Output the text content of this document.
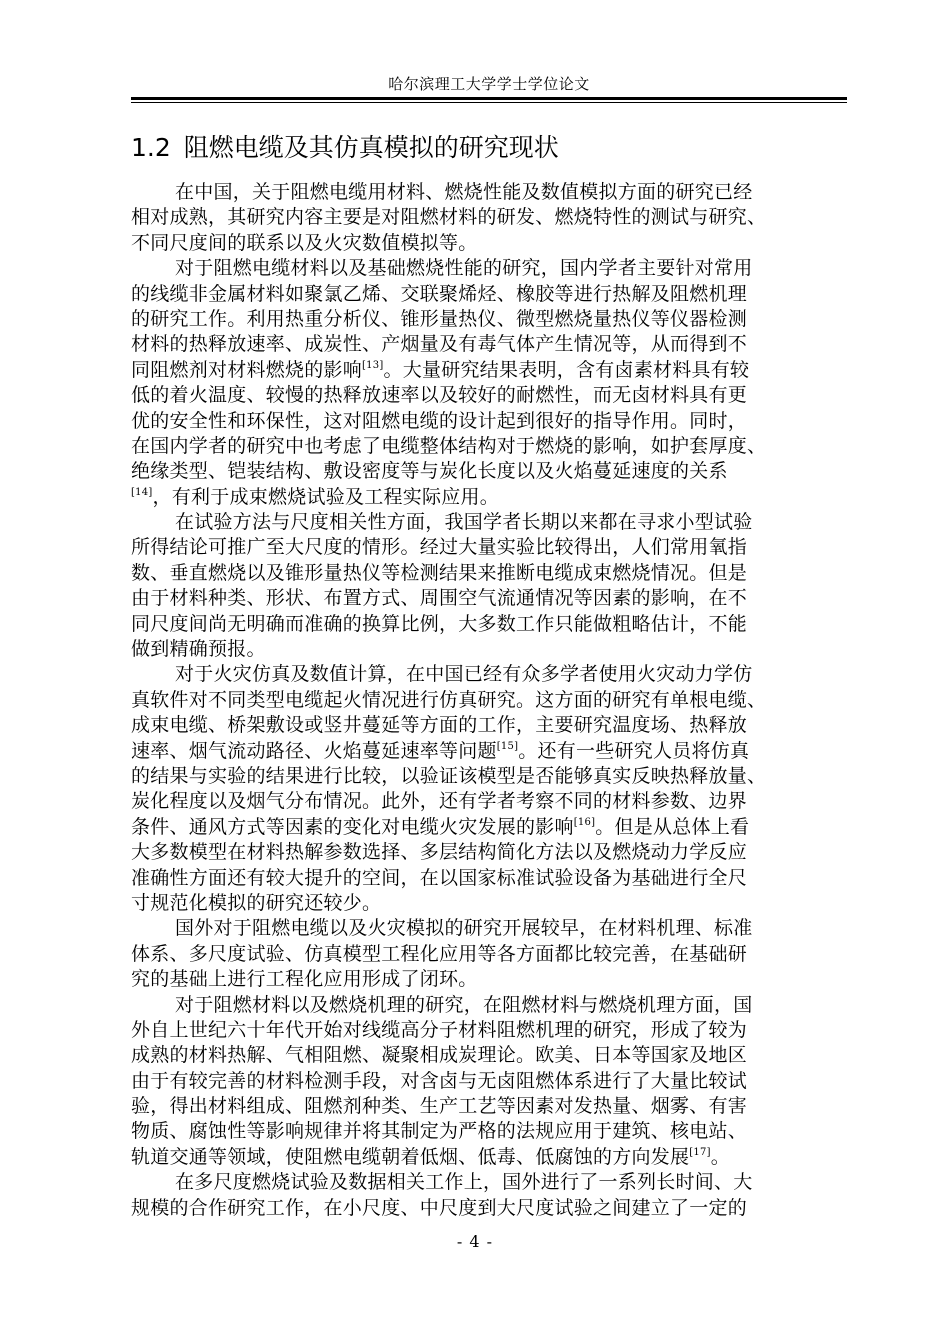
哈尔滨理工大学学士学位论文
1.2 阻燃电缆及其仿真模拟的研究现状
在中国，关于阻燃电缆用材料、燃烧性能及数值模拟方面的研究已经
相对成熟，其研究内容主要是对阻燃材料的研发、燃烧特性的测试与研究、
不同尺度间的联系以及火灾数值模拟等。
对于阻燃电缆材料以及基础燃烧性能的研究，国内学者主要针对常用
的线缆非金属材料如聚氯乙烯、交联聚烯烃、橡胶等进行热解及阻燃机理
的研究工作。利用热重分析仪、锥形量热仪、微型燃烧量热仪等仪器检测
材料的热释放速率、成炭性、产烟量及有毒气体产生情况等，从而得到不
同阻燃剂对材料燃烧的影响[13]。大量研究结果表明，含有卤素材料具有较
低的着火温度、较慢的热释放速率以及较好的耐燃性，而无卤材料具有更
优的安全性和环保性，这对阻燃电缆的设计起到很好的指导作用。同时，
在国内学者的研究中也考虑了电缆整体结构对于燃烧的影响，如护套厚度、
绝缘类型、铠装结构、敷设密度等与炭化长度以及火焰蔓延速度的关系
[14]，有利于成束燃烧试验及工程实际应用。
在试验方法与尺度相关性方面，我国学者长期以来都在寻求小型试验
所得结论可推广至大尺度的情形。经过大量实验比较得出，人们常用氧指
数、垂直燃烧以及锥形量热仪等检测结果来推断电缆成束燃烧情况。但是
由于材料种类、形状、布置方式、周围空气流通情况等因素的影响，在不
同尺度间尚无明确而准确的换算比例，大多数工作只能做粗略估计，不能
做到精确预报。
对于火灾仿真及数值计算，在中国已经有众多学者使用火灾动力学仿
真软件对不同类型电缆起火情况进行仿真研究。这方面的研究有单根电缆、
成束电缆、桥架敷设或竖井蔓延等方面的工作，主要研究温度场、热释放
速率、烟气流动路径、火焰蔓延速率等问题[15]。还有一些研究人员将仿真
的结果与实验的结果进行比较，以验证该模型是否能够真实反映热释放量、
炭化程度以及烟气分布情况。此外，还有学者考察不同的材料参数、边界
条件、通风方式等因素的变化对电缆火灾发展的影响[16]。但是从总体上看
大多数模型在材料热解参数选择、多层结构简化方法以及燃烧动力学反应
准确性方面还有较大提升的空间，在以国家标准试验设备为基础进行全尺
寸规范化模拟的研究还较少。
国外对于阻燃电缆以及火灾模拟的研究开展较早，在材料机理、标准
体系、多尺度试验、仿真模型工程化应用等各方面都比较完善，在基础研
究的基础上进行工程化应用形成了闭环。
对于阻燃材料以及燃烧机理的研究，在阻燃材料与燃烧机理方面，国
外自上世纪六十年代开始对线缆高分子材料阻燃机理的研究，形成了较为
成熟的材料热解、气相阻燃、凝聚相成炭理论。欧美、日本等国家及地区
由于有较完善的材料检测手段，对含卤与无卤阻燃体系进行了大量比较试
验，得出材料组成、阻燃剂种类、生产工艺等因素对发热量、烟雾、有害
物质、腐蚀性等影响规律并将其制定为严格的法规应用于建筑、核电站、
轨道交通等领域，使阻燃电缆朝着低烟、低毒、低腐蚀的方向发展[17]。
在多尺度燃烧试验及数据相关工作上，国外进行了一系列长时间、大
规模的合作研究工作，在小尺度、中尺度到大尺度试验之间建立了一定的
- 4 -
